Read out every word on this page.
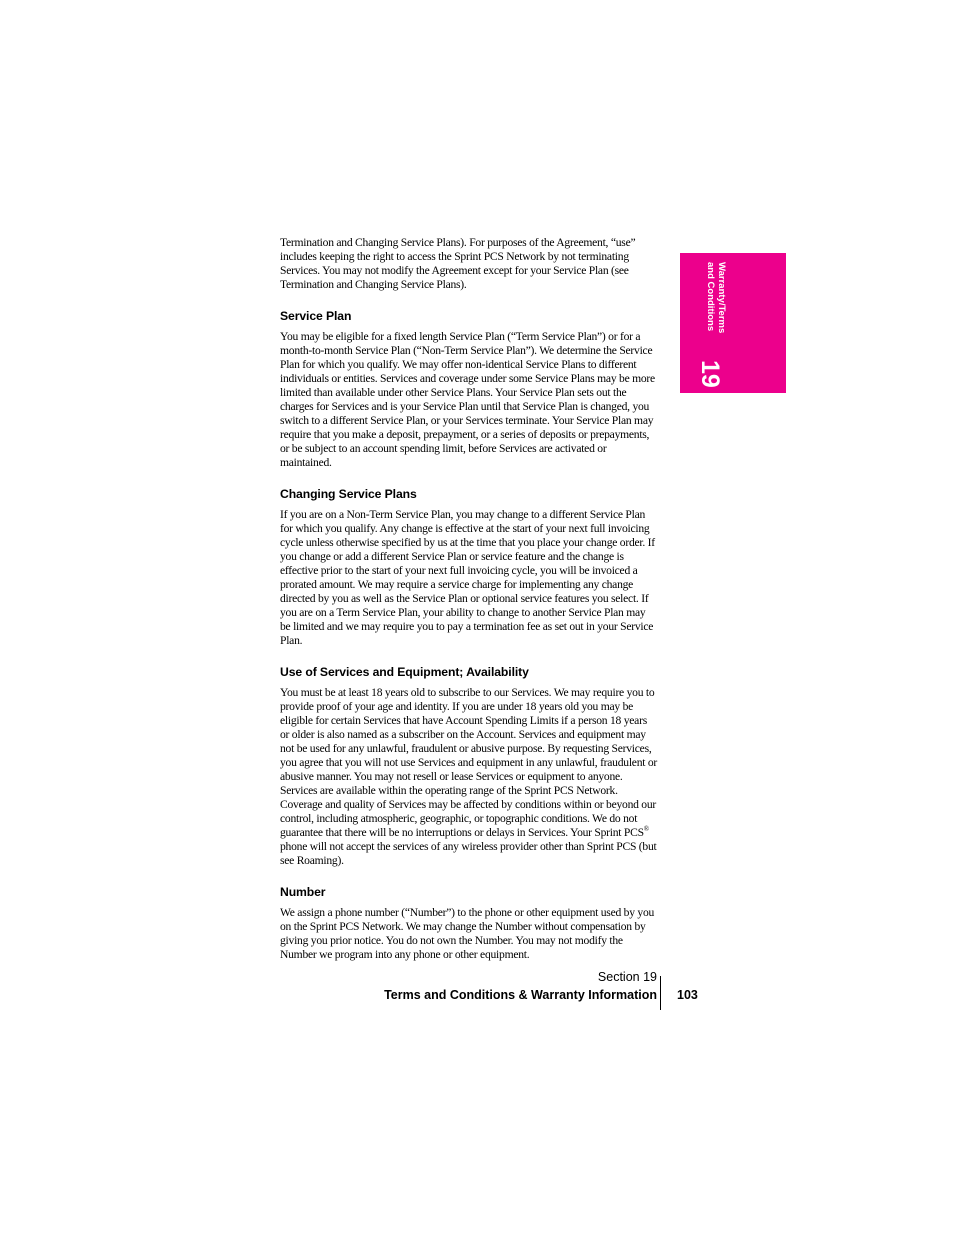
Termination and Changing Service Plans). For purposes of the Agreement, “use” includes keeping the right to access the Sprint PCS Network by not terminating Services. You may not modify the Agreement except for your Service Plan (see Termination and Changing Service Plans).

Service Plan

You may be eligible for a fixed length Service Plan (“Term Service Plan”) or for a month-to-month Service Plan (“Non-Term Service Plan”). We determine the Service Plan for which you qualify. We may offer non-identical Service Plans to different individuals or entities. Services and coverage under some Service Plans may be more limited than available under other Service Plans. Your Service Plan sets out the charges for Services and is your Service Plan until that Service Plan is changed, you switch to a different Service Plan, or your Services terminate. Your Service Plan may require that you make a deposit, prepayment, or a series of deposits or prepayments, or be subject to an account spending limit, before Services are activated or maintained.

Changing Service Plans

If you are on a Non-Term Service Plan, you may change to a different Service Plan for which you qualify. Any change is effective at the start of your next full invoicing cycle unless otherwise specified by us at the time that you place your change order. If you change or add a different Service Plan or service feature and the change is effective prior to the start of your next full invoicing cycle, you will be invoiced a prorated amount. We may require a service charge for implementing any change directed by you as well as the Service Plan or optional service features you select. If you are on a Term Service Plan, your ability to change to another Service Plan may be limited and we may require you to pay a termination fee as set out in your Service Plan.

Use of Services and Equipment; Availability

You must be at least 18 years old to subscribe to our Services. We may require you to provide proof of your age and identity. If you are under 18 years old you may be eligible for certain Services that have Account Spending Limits if a person 18 years or older is also named as a subscriber on the Account. Services and equipment may not be used for any unlawful, fraudulent or abusive purpose. By requesting Services, you agree that you will not use Services and equipment in any unlawful, fraudulent or abusive manner. You may not resell or lease Services or equipment to anyone. Services are available within the operating range of the Sprint PCS Network. Coverage and quality of Services may be affected by conditions within or beyond our control, including atmospheric, geographic, or topographic conditions. We do not guarantee that there will be no interruptions or delays in Services. Your Sprint PCS® phone will not accept the services of any wireless provider other than Sprint PCS (but see Roaming).

Number

We assign a phone number (“Number”) to the phone or other equipment used by you on the Sprint PCS Network. We may change the Number without compensation by giving you prior notice. You do not own the Number. You may not modify the Number we program into any phone or other equipment.

Warranty/Terms
and Conditions
19
Section 19
Terms and Conditions & Warranty Information 103
